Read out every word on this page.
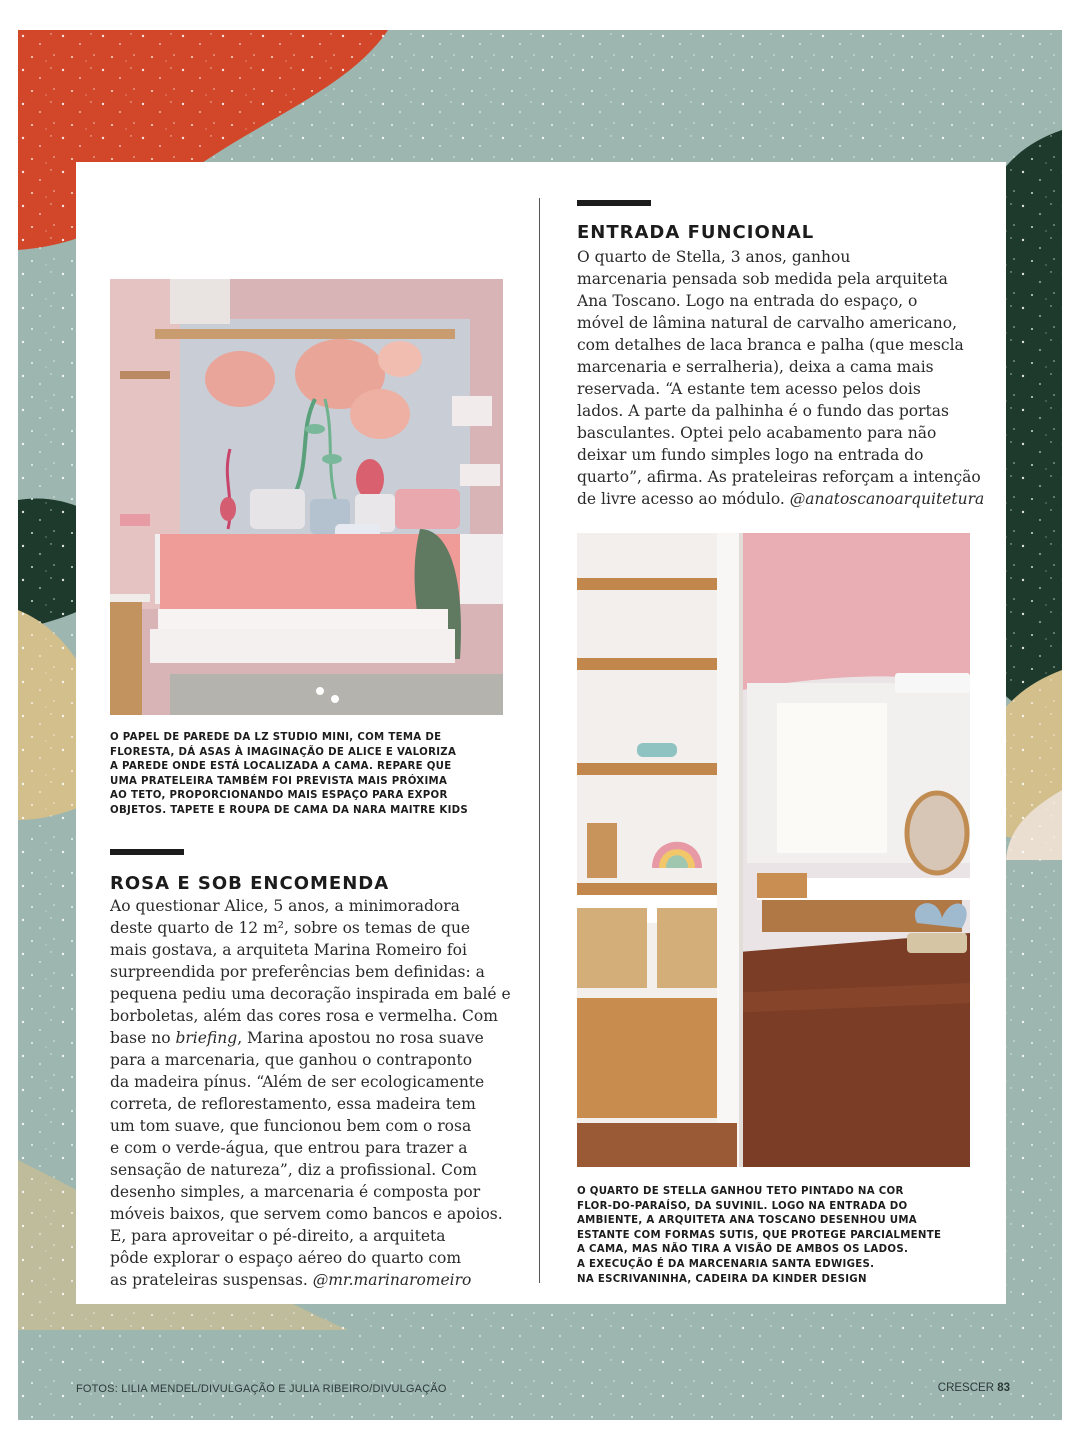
O PAPEL DE PAREDE DA LZ STUDIO MINI, COM TEMA DE
FLORESTA, DÁ ASAS À IMAGINAÇÃO DE ALICE E VALORIZA
A PAREDE ONDE ESTÁ LOCALIZADA A CAMA. REPARE QUE
UMA PRATELEIRA TAMBÉM FOI PREVISTA MAIS PRÓXIMA
AO TETO, PROPORCIONANDO MAIS ESPAÇO PARA EXPOR
OBJETOS. TAPETE E ROUPA DE CAMA DA NARA MAITRE KIDS
ROSA E SOB ENCOMENDA

Ao questionar Alice, 5 anos, a minimoradora

deste quarto de 12 m², sobre os temas de que

mais gostava, a arquiteta Marina Romeiro foi

surpreendida por preferências bem definidas: a

pequena pediu uma decoração inspirada em balé e

borboletas, além das cores rosa e vermelha. Com

base no briefing, Marina apostou no rosa suave

para a marcenaria, que ganhou o contraponto

da madeira pínus. “Além de ser ecologicamente

correta, de reflorestamento, essa madeira tem

um tom suave, que funcionou bem com o rosa

e com o verde-água, que entrou para trazer a

sensação de natureza”, diz a profissional. Com

desenho simples, a marcenaria é composta por

móveis baixos, que servem como bancos e apoios.

E, para aproveitar o pé-direito, a arquiteta

pôde explorar o espaço aéreo do quarto com

as prateleiras suspensas. @mr.marinaromeiro

ENTRADA FUNCIONAL

O quarto de Stella, 3 anos, ganhou

marcenaria pensada sob medida pela arquiteta

Ana Toscano. Logo na entrada do espaço, o

móvel de lâmina natural de carvalho americano,

com detalhes de laca branca e palha (que mescla

marcenaria e serralheria), deixa a cama mais

reservada. “A estante tem acesso pelos dois

lados. A parte da palhinha é o fundo das portas

basculantes. Optei pelo acabamento para não

deixar um fundo simples logo na entrada do

quarto”, afirma. As prateleiras reforçam a intenção

de livre acesso ao módulo. @anatoscanoarquitetura

O QUARTO DE STELLA GANHOU TETO PINTADO NA COR
FLOR-DO-PARAÍSO, DA SUVINIL. LOGO NA ENTRADA DO
AMBIENTE, A ARQUITETA ANA TOSCANO DESENHOU UMA
ESTANTE COM FORMAS SUTIS, QUE PROTEGE PARCIALMENTE
A CAMA, MAS NÃO TIRA A VISÃO DE AMBOS OS LADOS.
A EXECUÇÃO É DA MARCENARIA SANTA EDWIGES.
NA ESCRIVANINHA, CADEIRA DA KINDER DESIGN
FOTOS: LILIA MENDEL/DIVULGAÇÃO E JULIA RIBEIRO/DIVULGAÇÃO	CRESCER 83
